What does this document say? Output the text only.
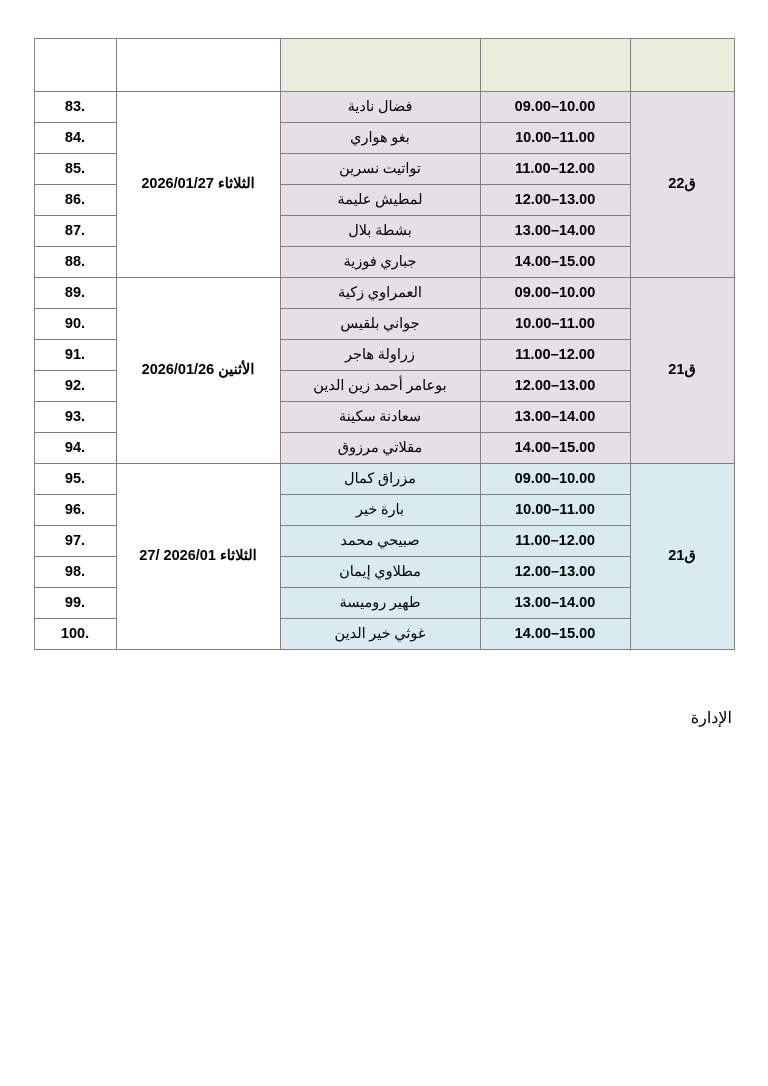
ق22	09.00–10.00	فضال نادية	الثلاثاء 2026/01/27	83.
	10.00–11.00	بغو هواري		84.
	11.00–12.00	تواتيت نسرين		85.
	12.00–13.00	لمطيش عليمة		86.
	13.00–14.00	بشطة بلال		87.
	14.00–15.00	جباري فوزية		88.
ق21	09.00–10.00	العمراوي زكية	الأثنين 2026/01/26	89.
	10.00–11.00	جواني بلقيس		90.
	11.00–12.00	زراولة هاجر		91.
	12.00–13.00	بوعامر أحمد زين الدين		92.
	13.00–14.00	سعادنة سكينة		93.
	14.00–15.00	مقلاتي مرزوق		94.
ق21	09.00–10.00	مزراق كمال	الثلاثاء 2026/01 /27	95.
	10.00–11.00	بارة خير		96.
	11.00–12.00	صبيحي محمد		97.
	12.00–13.00	مطلاوي إيمان		98.
	13.00–14.00	طهير روميسة		99.
	14.00–15.00	غوثي خير الدين		100.
الإدارة
